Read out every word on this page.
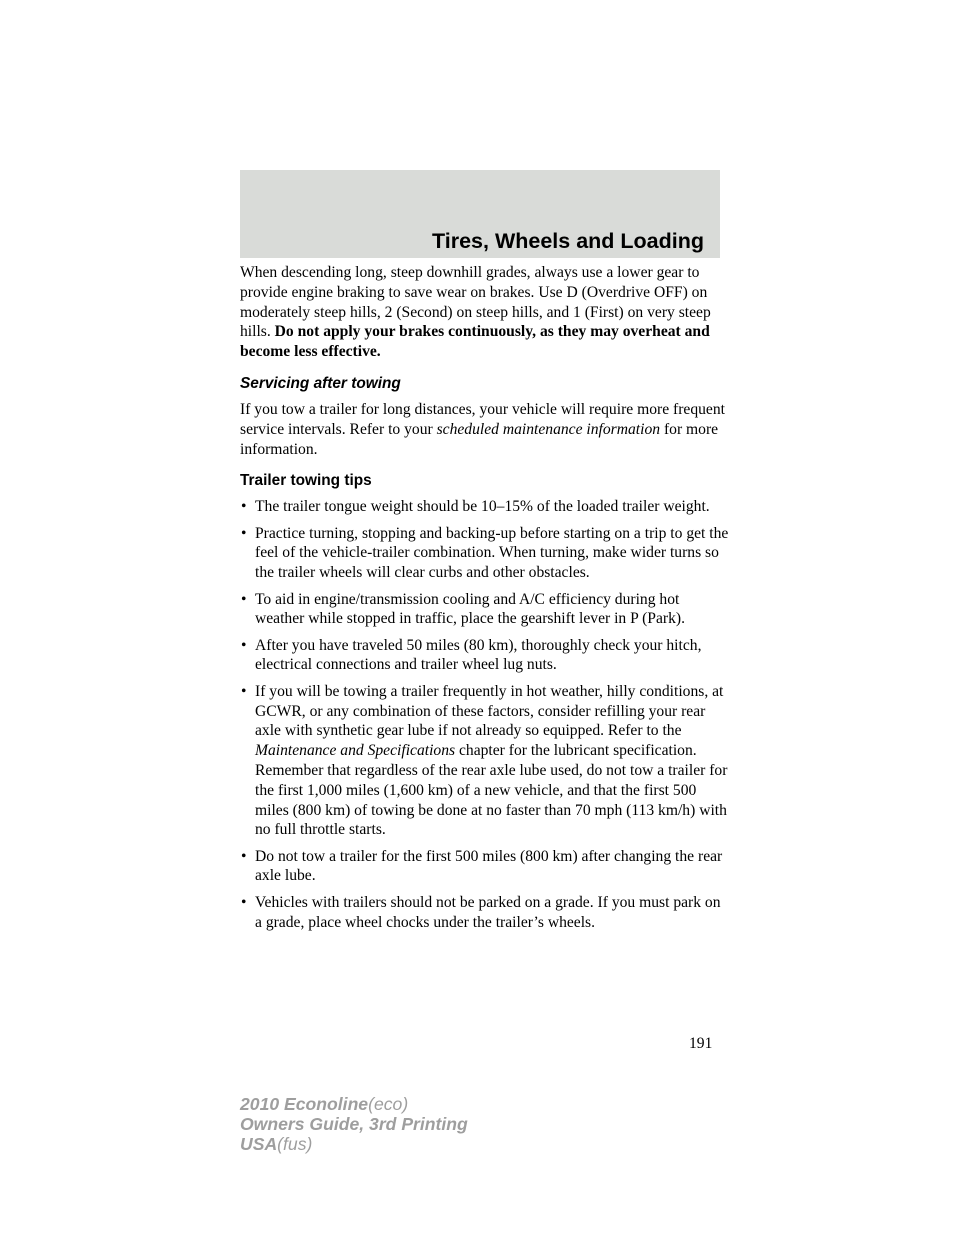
Tires, Wheels and Loading

When descending long, steep downhill grades, always use a lower gear to provide engine braking to save wear on brakes. Use D (Overdrive OFF) on moderately steep hills, 2 (Second) on steep hills, and 1 (First) on very steep hills. Do not apply your brakes continuously, as they may overheat and become less effective.

Servicing after towing

If you tow a trailer for long distances, your vehicle will require more frequent service intervals. Refer to your scheduled maintenance information for more information.

Trailer towing tips
• The trailer tongue weight should be 10–15% of the loaded trailer weight.
• Practice turning, stopping and backing-up before starting on a trip to get the feel of the vehicle-trailer combination. When turning, make wider turns so the trailer wheels will clear curbs and other obstacles.
• To aid in engine/transmission cooling and A/C efficiency during hot weather while stopped in traffic, place the gearshift lever in P (Park).
• After you have traveled 50 miles (80 km), thoroughly check your hitch, electrical connections and trailer wheel lug nuts.
• If you will be towing a trailer frequently in hot weather, hilly conditions, at GCWR, or any combination of these factors, consider refilling your rear axle with synthetic gear lube if not already so equipped. Refer to the Maintenance and Specifications chapter for the lubricant specification. Remember that regardless of the rear axle lube used, do not tow a trailer for the first 1,000 miles (1,600 km) of a new vehicle, and that the first 500 miles (800 km) of towing be done at no faster than 70 mph (113 km/h) with no full throttle starts.
• Do not tow a trailer for the first 500 miles (800 km) after changing the rear axle lube.
• Vehicles with trailers should not be parked on a grade. If you must park on a grade, place wheel chocks under the trailer’s wheels.
191
2010 Econoline(eco)
Owners Guide, 3rd Printing
USA(fus)
